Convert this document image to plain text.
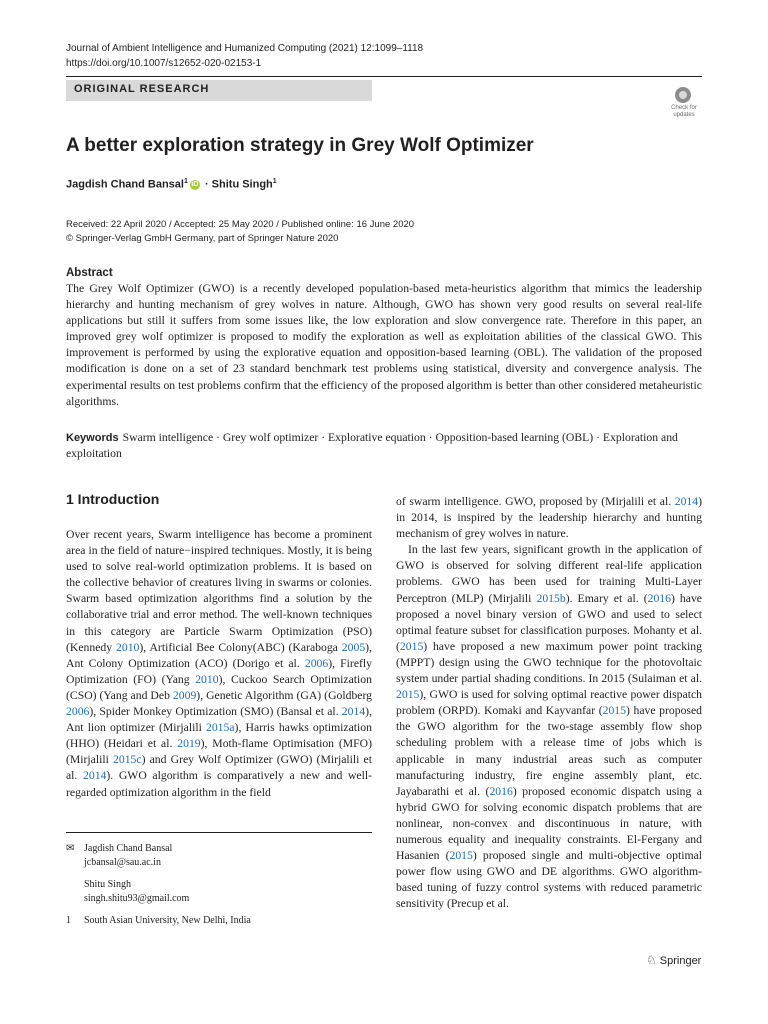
Journal of Ambient Intelligence and Humanized Computing (2021) 12:1099–1118
https://doi.org/10.1007/s12652-020-02153-1
ORIGINAL RESEARCH
Check for updates
A better exploration strategy in Grey Wolf Optimizer
Jagdish Chand Bansal$^1$ iD · Shitu Singh$^1$
Received: 22 April 2020 / Accepted: 25 May 2020 / Published online: 16 June 2020
© Springer-Verlag GmbH Germany, part of Springer Nature 2020
Abstract
The Grey Wolf Optimizer (GWO) is a recently developed population-based meta-heuristics algorithm that mimics the leadership hierarchy and hunting mechanism of grey wolves in nature. Although, GWO has shown very good results on several real-life applications but still it suffers from some issues like, the low exploration and slow convergence rate. Therefore in this paper, an improved grey wolf optimizer is proposed to modify the exploration as well as exploitation abilities of the classical GWO. This improvement is performed by using the explorative equation and opposition-based learning (OBL). The validation of the proposed modification is done on a set of 23 standard benchmark test problems using statistical, diversity and convergence analysis. The experimental results on test problems confirm that the efficiency of the proposed algorithm is better than other considered metaheuristic algorithms.
Keywords Swarm intelligence · Grey wolf optimizer · Explorative equation · Opposition-based learning (OBL) · Exploration and exploitation
1 Introduction
Over recent years, Swarm intelligence has become a prominent area in the field of nature−inspired techniques. Mostly, it is being used to solve real-world optimization problems. It is based on the collective behavior of creatures living in swarms or colonies. Swarm based optimization algorithms find a solution by the collaborative trial and error method. The well-known techniques in this category are Particle Swarm Optimization (PSO) (Kennedy 2010), Artificial Bee Colony(ABC) (Karaboga 2005), Ant Colony Optimization (ACO) (Dorigo et al. 2006), Firefly Optimization (FO) (Yang 2010), Cuckoo Search Optimization (CSO) (Yang and Deb 2009), Genetic Algorithm (GA) (Goldberg 2006), Spider Monkey Optimization (SMO) (Bansal et al. 2014), Ant lion optimizer (Mirjalili 2015a), Harris hawks optimization (HHO) (Heidari et al. 2019), Moth-flame Optimisation (MFO) (Mirjalili 2015c) and Grey Wolf Optimizer (GWO) (Mirjalili et al. 2014). GWO algorithm is comparatively a new and well-regarded optimization algorithm in the field
of swarm intelligence. GWO, proposed by (Mirjalili et al. 2014) in 2014, is inspired by the leadership hierarchy and hunting mechanism of grey wolves in nature.
In the last few years, significant growth in the application of GWO is observed for solving different real-life application problems. GWO has been used for training Multi-Layer Perceptron (MLP) (Mirjalili 2015b). Emary et al. (2016) have proposed a novel binary version of GWO and used to select optimal feature subset for classification purposes. Mohanty et al. (2015) have proposed a new maximum power point tracking (MPPT) design using the GWO technique for the photovoltaic system under partial shading conditions. In 2015 (Sulaiman et al. 2015), GWO is used for solving optimal reactive power dispatch problem (ORPD). Komaki and Kayvanfar (2015) have proposed the GWO algorithm for the two-stage assembly flow shop scheduling problem with a release time of jobs which is applicable in many industrial areas such as computer manufacturing industry, fire engine assembly plant, etc. Jayabarathi et al. (2016) proposed economic dispatch using a hybrid GWO for solving economic dispatch problems that are nonlinear, non-convex and discontinuous in nature, with numerous equality and inequality constraints. El-Fergany and Hasanien (2015) proposed single and multi-objective optimal power flow using GWO and DE algorithms. GWO algorithm-based tuning of fuzzy control systems with reduced parametric sensitivity (Precup et al.
✉ Jagdish Chand Bansal
jcbansal@sau.ac.in
Shitu Singh
singh.shitu93@gmail.com
1 South Asian University, New Delhi, India
♘ Springer
